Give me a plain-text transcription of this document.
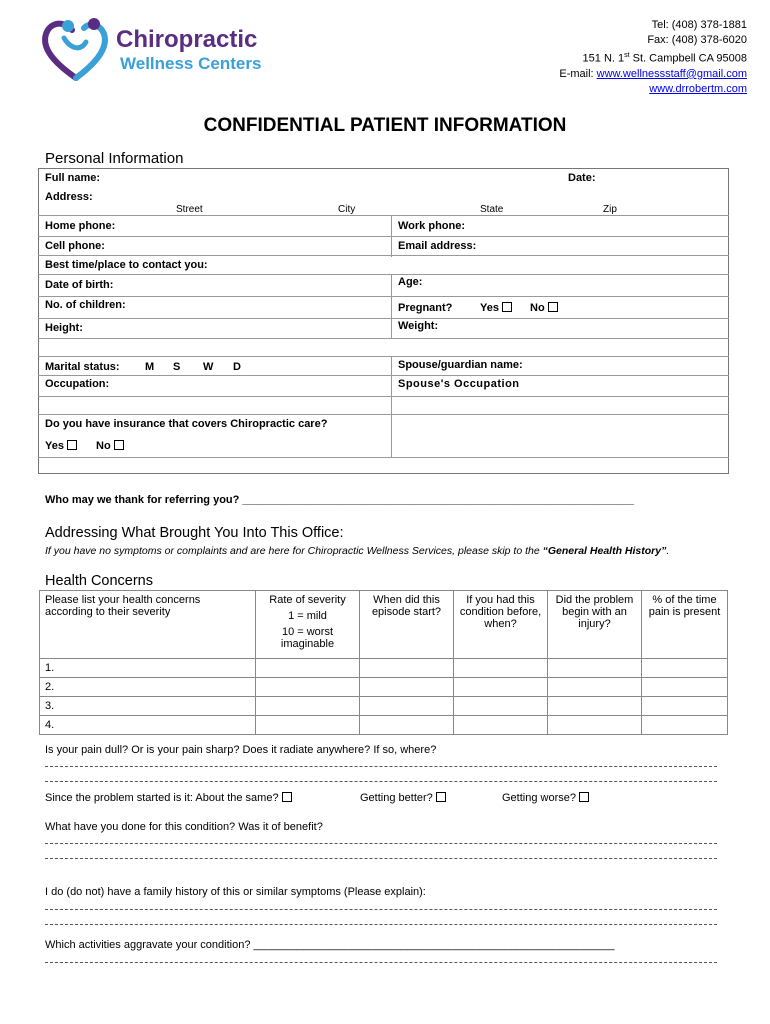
Chiropractic
Wellness Centers
Tel: (408) 378-1881
Fax: (408) 378-6020
151 N. 1st St. Campbell CA 95008
E-mail: www.wellnessstaff@gmail.com
www.drrobertm.com
CONFIDENTIAL PATIENT INFORMATION
Personal Information
Full name:	Date:
Address:
Street	City	State	Zip
Home phone:	Work phone:
Cell phone:	Email address:
Best time/place to contact you:
Date of birth:	Age:
No. of children:	Pregnant?	Yes	No
Height:	Weight:
Marital status: M S W D	Spouse/guardian name:
Occupation:	Spouse's Occupation
Do you have insurance that covers Chiropractic care?
Yes	No
Who may we thank for referring you? ________________________________________________________________
Addressing What Brought You Into This Office:
If you have no symptoms or complaints and are here for Chiropractic Wellness Services, please skip to the “General Health History”.
Health Concerns
Please list your health concerns according to their severity	Rate of severity
1 = mild
10 = worst imaginable	When did this episode start?	If you had this condition before, when?	Did the problem begin with an injury?	% of the time pain is present
1.					
2.					
3.					
4.					
Is your pain dull? Or is your pain sharp? Does it radiate anywhere? If so, where?
Since the problem started is it: About the same?	Getting better?	Getting worse?
What have you done for this condition? Was it of benefit?
I do (do not) have a family history of this or similar symptoms (Please explain):
Which activities aggravate your condition? ___________________________________________________________
